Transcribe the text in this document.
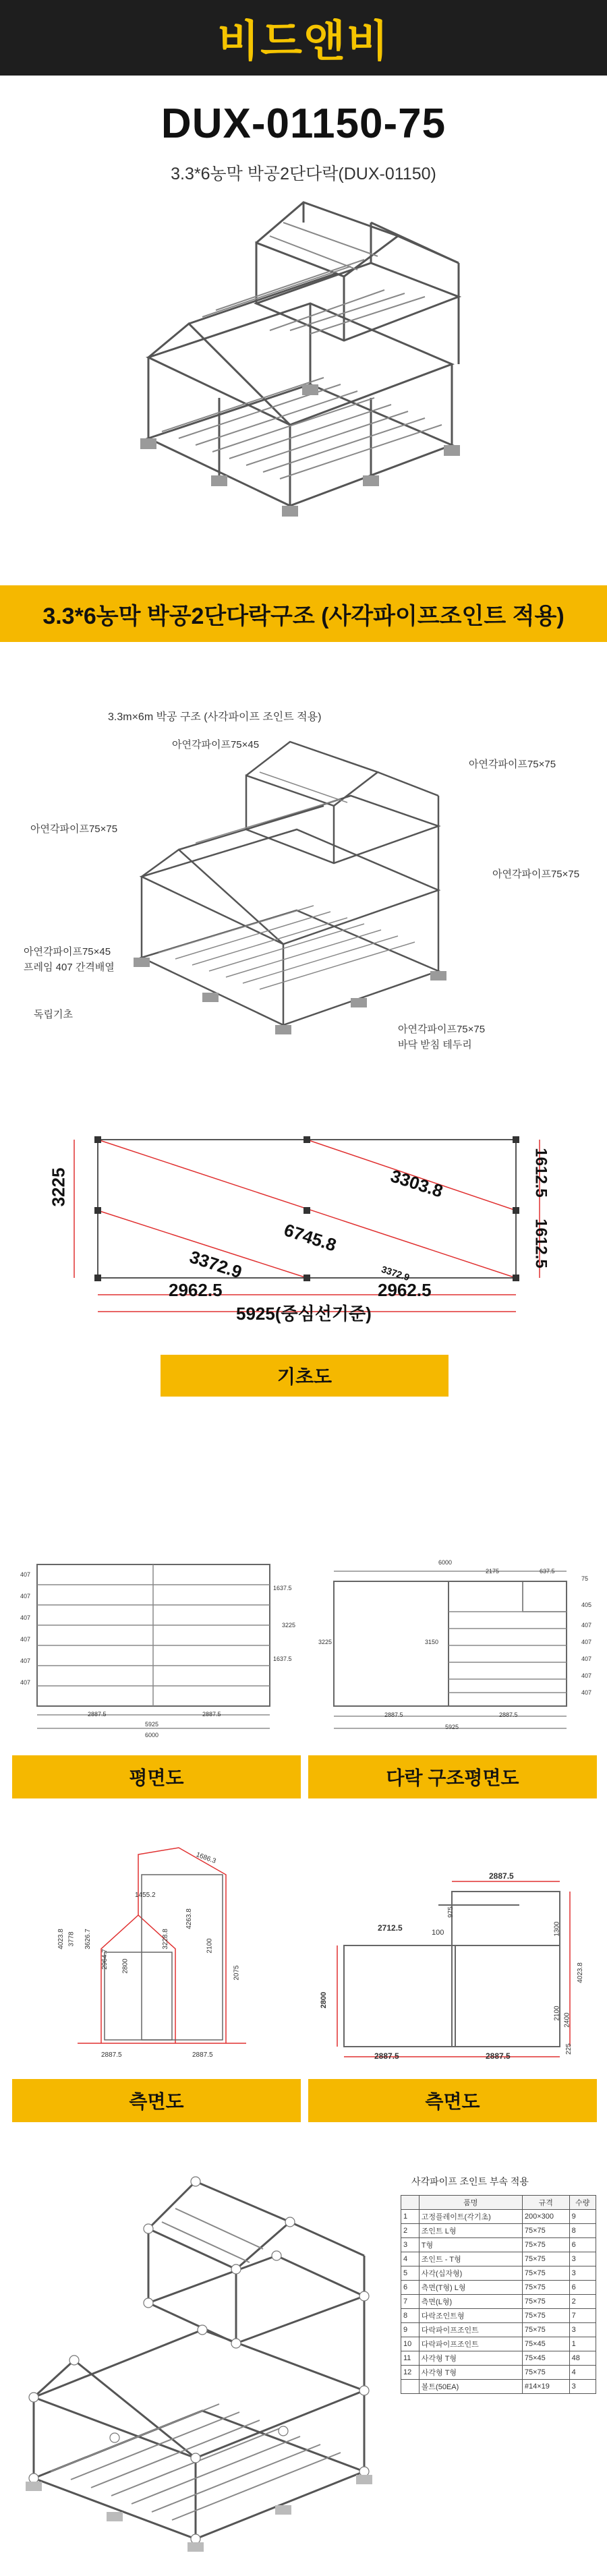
비드앤비
DUX-01150-75
3.3*6농막 박공2단다락(DUX-01150)
3.3*6농막 박공2단다락구조 (사각파이프조인트 적용)
3.3m×6m 박공 구조 (사각파이프 조인트 적용)
아연각파이프75×45
아연각파이프75×75
아연각파이프75×75
아연각파이프75×75
아연각파이프75×45
프레임 407 간격배열
독립기초
아연각파이프75×75
바닥 받침 테두리
3303.8
6745.8
3372.9	3372.9
1612.5
1612.5
3225
2962.5	2962.5
5925(중심선기준)
기초도
407
407
407
407
407
407
2887.5	2887.5
5925
6000
1637.5
1637.5
3225
6000
2175	637.5
75
2887.5	2887.5
5925
3225	3150
405
407
407
407
407
407
평면도	다락 구조평면도
1686.3
4023.8 3778 3626.7
2964.7 2800
3228.8
4263.8
2075
2100
2887.5	2887.5
1455.2
2887.5
2712.5
975
100	1300
4023.8
2800
2100 2400
225
2887.5	2887.5
측면도	측면도
사각파이프 조인트 부속 적용
	품명	규격	수량
1	고정플레이트(각기초)	200×300	9
2	조인트 L형	75×75	8
3	T형	75×75	6
4	조인트 - T형	75×75	3
5	사각(십자형)	75×75	3
6	측면(T형) L형	75×75	6
7	측면(L형)	75×75	2
8	다락조인트형	75×75	7
9	다락파이프조인트	75×75	3
10	다락파이프조인트	75×45	1
11	사각형 T형	75×45	48
12	사각형 T형	75×75	4
	볼트(50EA)	#14×19	3
